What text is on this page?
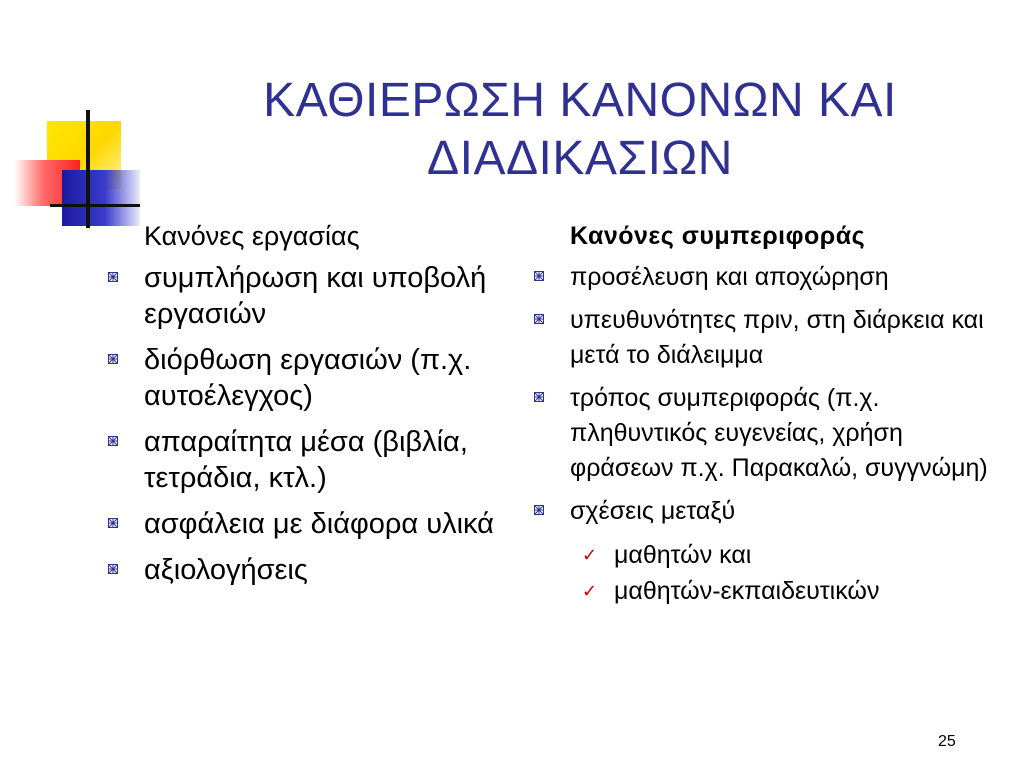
ΚΑΘΙΕΡΩΣΗ ΚΑΝΟΝΩΝ ΚΑΙ
ΔΙΑΔΙΚΑΣΙΩΝ
Κανόνες εργασίας
συμπλήρωση και υποβολή εργασιών
διόρθωση εργασιών (π.χ. αυτοέλεγχος)
απαραίτητα μέσα (βιβλία, τετράδια, κτλ.)
ασφάλεια με διάφορα υλικά
αξιολογήσεις
Κανόνες συμπεριφοράς
προσέλευση και αποχώρηση
υπευθυνότητες πριν, στη διάρκεια και μετά το διάλειμμα
τρόπος συμπεριφοράς (π.χ. πληθυντικός ευγενείας, χρήση φράσεων π.χ. Παρακαλώ, συγγνώμη)
σχέσεις μεταξύ
✓ μαθητών και
✓ μαθητών-εκπαιδευτικών
25
